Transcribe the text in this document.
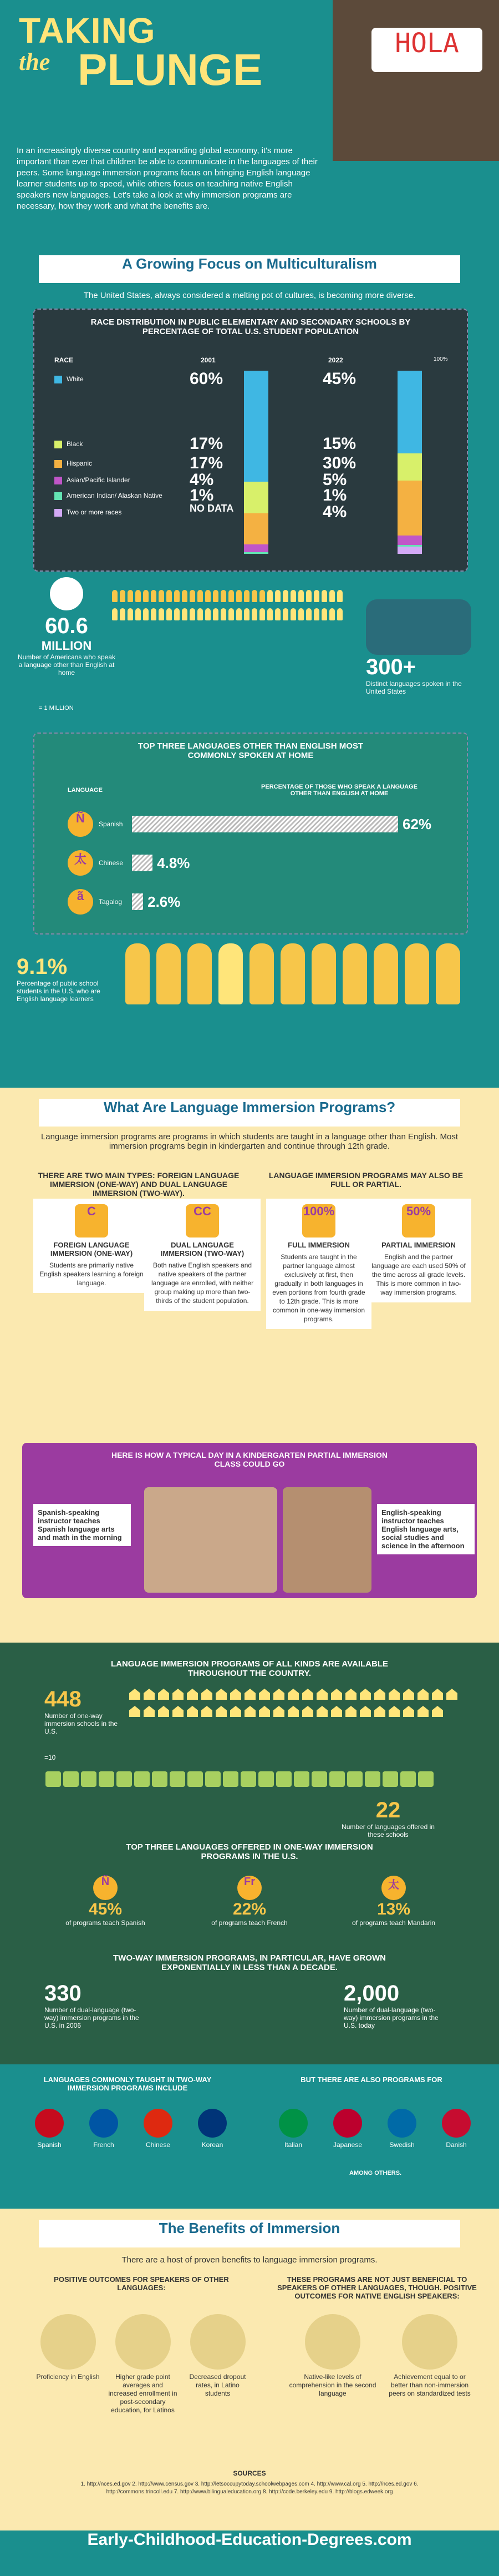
TAKING
the PLUNGE
HOLA
In an increasingly diverse country and expanding global economy, it's more important than ever that children be able to communicate in the languages of their peers. Some language immersion programs focus on bringing English language learner students up to speed, while others focus on teaching native English speakers new languages. Let's take a look at why immersion programs are necessary, how they work and what the benefits are.
A Growing Focus on Multiculturalism
The United States, always considered a melting pot of cultures, is becoming more diverse.
RACE DISTRIBUTION IN PUBLIC ELEMENTARY AND SECONDARY SCHOOLS BY PERCENTAGE OF TOTAL U.S. STUDENT POPULATION
RACE	2001	2022	100%
White	60%	45%
Black	17%	15%
Hispanic	17%	30%
Asian/Pacific Islander	4%	5%
American Indian/ Alaskan Native	1%	1%
Two or more races	NO DATA	4%
60.6
MILLION
Number of Americans who speak a language other than English at home
= 1 MILLION
300+
Distinct languages spoken in the United States
TOP THREE LANGUAGES OTHER THAN ENGLISH MOST COMMONLY SPOKEN AT HOME
LANGUAGE	PERCENTAGE OF THOSE WHO SPEAK A LANGUAGE OTHER THAN ENGLISH AT HOME
Ñ Spanish	62%
太 Chinese 4.8%
ã Tagalog 2.6%
9.1%
Percentage of public school students in the U.S. who are English language learners
What Are Language Immersion Programs?
Language immersion programs are programs in which students are taught in a language other than English. Most immersion programs begin in kindergarten and continue through 12th grade.
THERE ARE TWO MAIN TYPES: FOREIGN LANGUAGE IMMERSION (ONE-WAY) AND DUAL LANGUAGE IMMERSION (TWO-WAY).
LANGUAGE IMMERSION PROGRAMS MAY ALSO BE FULL OR PARTIAL.
C
FOREIGN LANGUAGE IMMERSION (ONE-WAY)
Students are primarily native English speakers learning a foreign language.
CC
DUAL LANGUAGE IMMERSION (TWO-WAY)
Both native English speakers and native speakers of the partner language are enrolled, with neither group making up more than two-thirds of the student population.
100%
FULL IMMERSION
Students are taught in the partner language almost exclusively at first, then gradually in both languages in even portions from fourth grade to 12th grade. This is more common in one-way immersion programs.
50%
PARTIAL IMMERSION
English and the partner language are each used 50% of the time across all grade levels. This is more common in two-way immersion programs.
HERE IS HOW A TYPICAL DAY IN A KINDERGARTEN PARTIAL IMMERSION CLASS COULD GO
Spanish-speaking instructor teaches Spanish language arts and math in the morning
English-speaking instructor teaches English language arts, social studies and science in the afternoon
LANGUAGE IMMERSION PROGRAMS OF ALL KINDS ARE AVAILABLE THROUGHOUT THE COUNTRY.
448
Number of one-way immersion schools in the U.S.
=10
22
Number of languages offered in these schools
TOP THREE LANGUAGES OFFERED IN ONE-WAY IMMERSION PROGRAMS IN THE U.S.
Ñ
45%
of programs teach Spanish
Fr
22%
of programs teach French
太
13%
of programs teach Mandarin
TWO-WAY IMMERSION PROGRAMS, IN PARTICULAR, HAVE GROWN EXPONENTIALLY IN LESS THAN A DECADE.
330
Number of dual-language (two-way) immersion programs in the U.S. in 2006
2,000
Number of dual-language (two-way) immersion programs in the U.S. today
LANGUAGES COMMONLY TAUGHT IN TWO-WAY IMMERSION PROGRAMS INCLUDE
BUT THERE ARE ALSO PROGRAMS FOR
Spanish	French	Chinese	Korean	Italian	Japanese	Swedish	Danish
AMONG OTHERS.
The Benefits of Immersion
There are a host of proven benefits to language immersion programs.
POSITIVE OUTCOMES FOR SPEAKERS OF OTHER LANGUAGES:
THESE PROGRAMS ARE NOT JUST BENEFICIAL TO SPEAKERS OF OTHER LANGUAGES, THOUGH. POSITIVE OUTCOMES FOR NATIVE ENGLISH SPEAKERS:
Proficiency in English	Higher grade point averages and increased enrollment in post-secondary education, for Latinos
Decreased dropout rates, in Latino students
Native-like levels of comprehension in the second language
Achievement equal to or better than non-immersion peers on standardized tests
SOURCES
1. http://nces.ed.gov 2. http://www.census.gov 3. http://letsoccupytoday.schoolwebpages.com 4. http://www.cal.org 5. http://nces.ed.gov 6. http://commons.trincoll.edu 7. http://www.bilingualeducation.org 8. http://code.berkeley.edu 9. http://blogs.edweek.org
Early-Childhood-Education-Degrees.com
